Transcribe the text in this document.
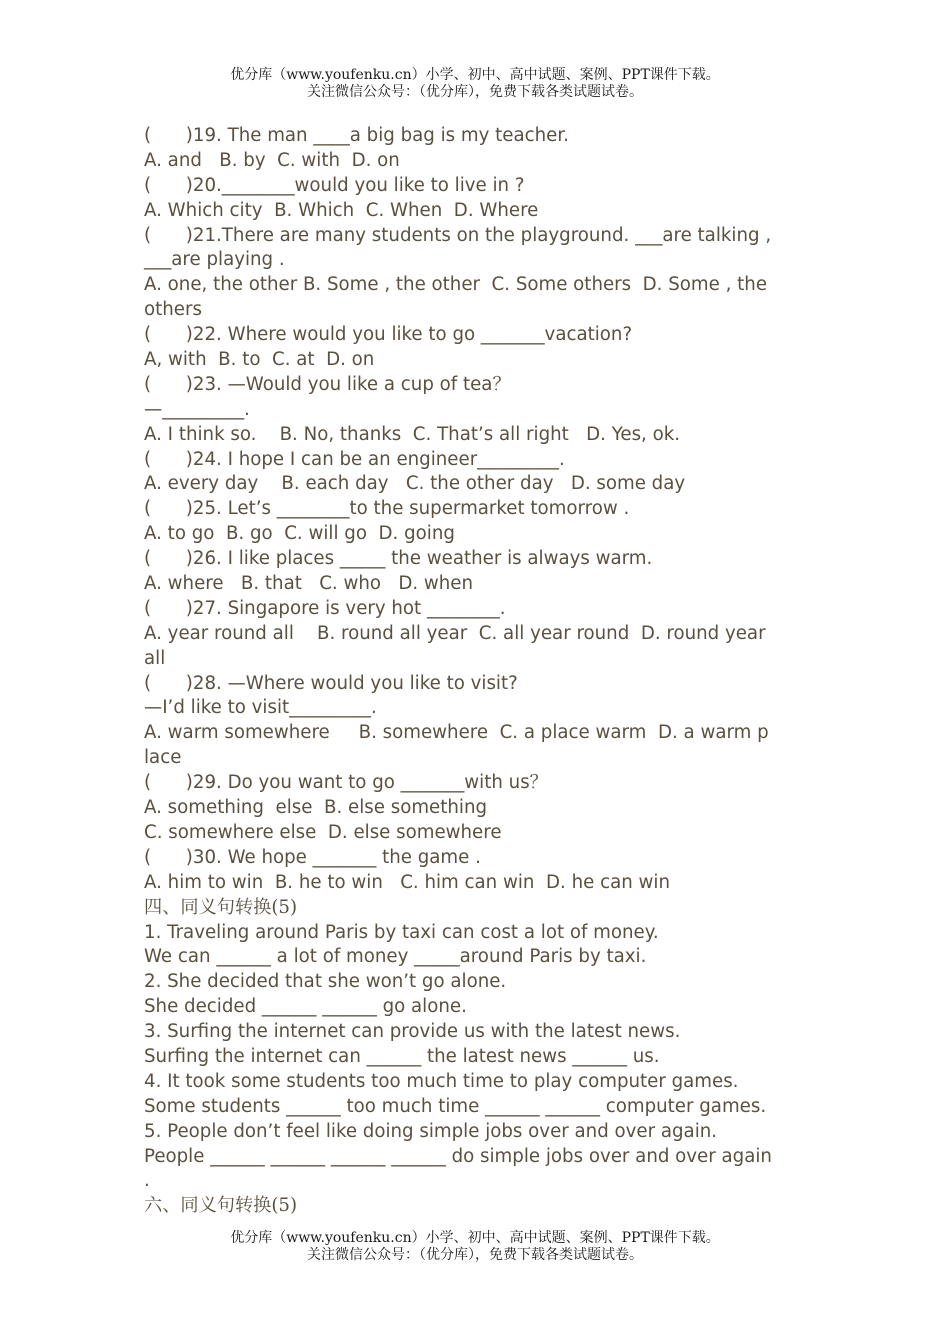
优分库（www.youfenku.cn）小学、初中、高中试题、案例、PPT课件下载。
关注微信公众号：（优分库），免费下载各类试题试卷。
(      )19. The man ____a big bag is my teacher.
A. and   B. by  C. with  D. on
(      )20.________would you like to live in ?
A. Which city  B. Which  C. When  D. Where
(      )21.There are many students on the playground. ___are talking ,
___are playing .
A. one, the other B. Some , the other  C. Some others  D. Some , the
others
(      )22. Where would you like to go _______vacation?
A, with  B. to  C. at  D. on
(      )23. —Would you like a cup of tea？
—_________.
A. I think so.    B. No, thanks  C. That’s all right   D. Yes, ok.
(      )24. I hope I can be an engineer_________.
A. every day    B. each day   C. the other day   D. some day
(      )25. Let’s ________to the supermarket tomorrow .
A. to go  B. go  C. will go  D. going
(      )26. I like places _____ the weather is always warm.
A. where   B. that   C. who   D. when
(      )27. Singapore is very hot ________.
A. year round all    B. round all year  C. all year round  D. round year
all
(      )28. —Where would you like to visit?
—I’d like to visit_________.
A. warm somewhere     B. somewhere  C. a place warm  D. a warm p
lace
(      )29. Do you want to go _______with us？
A. something  else  B. else something
C. somewhere else  D. else somewhere
(      )30. We hope _______ the game .
A. him to win  B. he to win   C. him can win  D. he can win
四、同义句转换(5)
1. Traveling around Paris by taxi can cost a lot of money.
We can ______ a lot of money _____around Paris by taxi.
2. She decided that she won’t go alone.
She decided ______ ______ go alone.
3. Surfing the internet can provide us with the latest news.
Surfing the internet can ______ the latest news ______ us.
4. It took some students too much time to play computer games.
Some students ______ too much time ______ ______ computer games.
5. People don’t feel like doing simple jobs over and over again.
People ______ ______ ______ ______ do simple jobs over and over again
.
六、同义句转换(5)
优分库（www.youfenku.cn）小学、初中、高中试题、案例、PPT课件下载。
关注微信公众号：（优分库），免费下载各类试题试卷。
